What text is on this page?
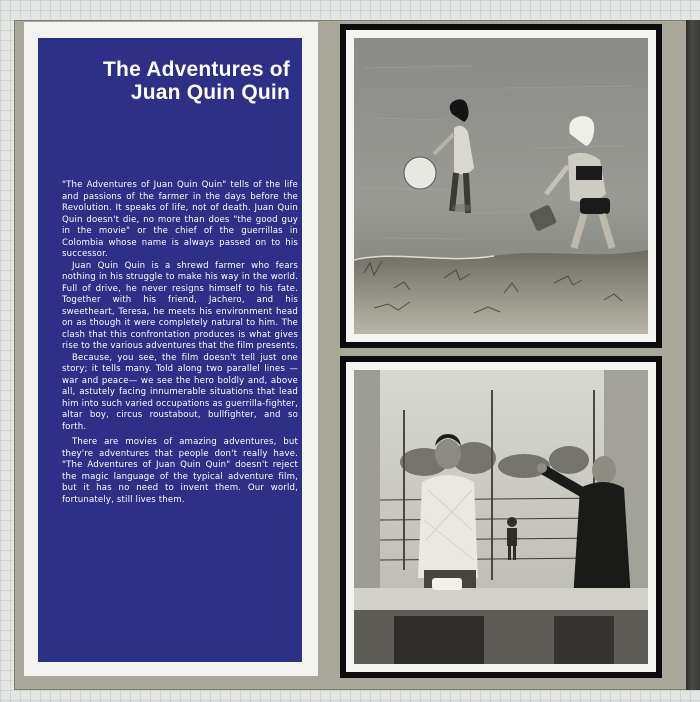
The Adventures of
Juan Quin Quin

"The Adventures of Juan Quin Quin" tells of the life and passions of the farmer in the days before the Revolution. It speaks of life, not of death. Juan Quin Quin doesn't die, no more than does "the good guy in the movie" or the chief of the guerrillas in Colombia whose name is always passed on to his successor.

Juan Quin Quin is a shrewd farmer who fears nothing in his struggle to make his way in the world. Full of drive, he never resigns himself to his fate. Together with his friend, Jachero, and his sweetheart, Teresa, he meets his environment head on as though it were completely natural to him. The clash that this confrontation produces is what gives rise to the various adventures that the film presents.

Because, you see, the film doesn't tell just one story; it tells many. Told along two parallel lines —war and peace— we see the hero boldly and, above all, astutely facing innumerable situations that lead him into such varied occupations as guerrilla-fighter, altar boy, circus roustabout, bullfighter, and so forth.

There are movies of amazing adventures, but they're adventures that people don't really have. "The Adventures of Juan Quin Quin" doesn't reject the magic language of the typical adventure film, but it has no need to invent them. Our world, fortunately, still lives them.
